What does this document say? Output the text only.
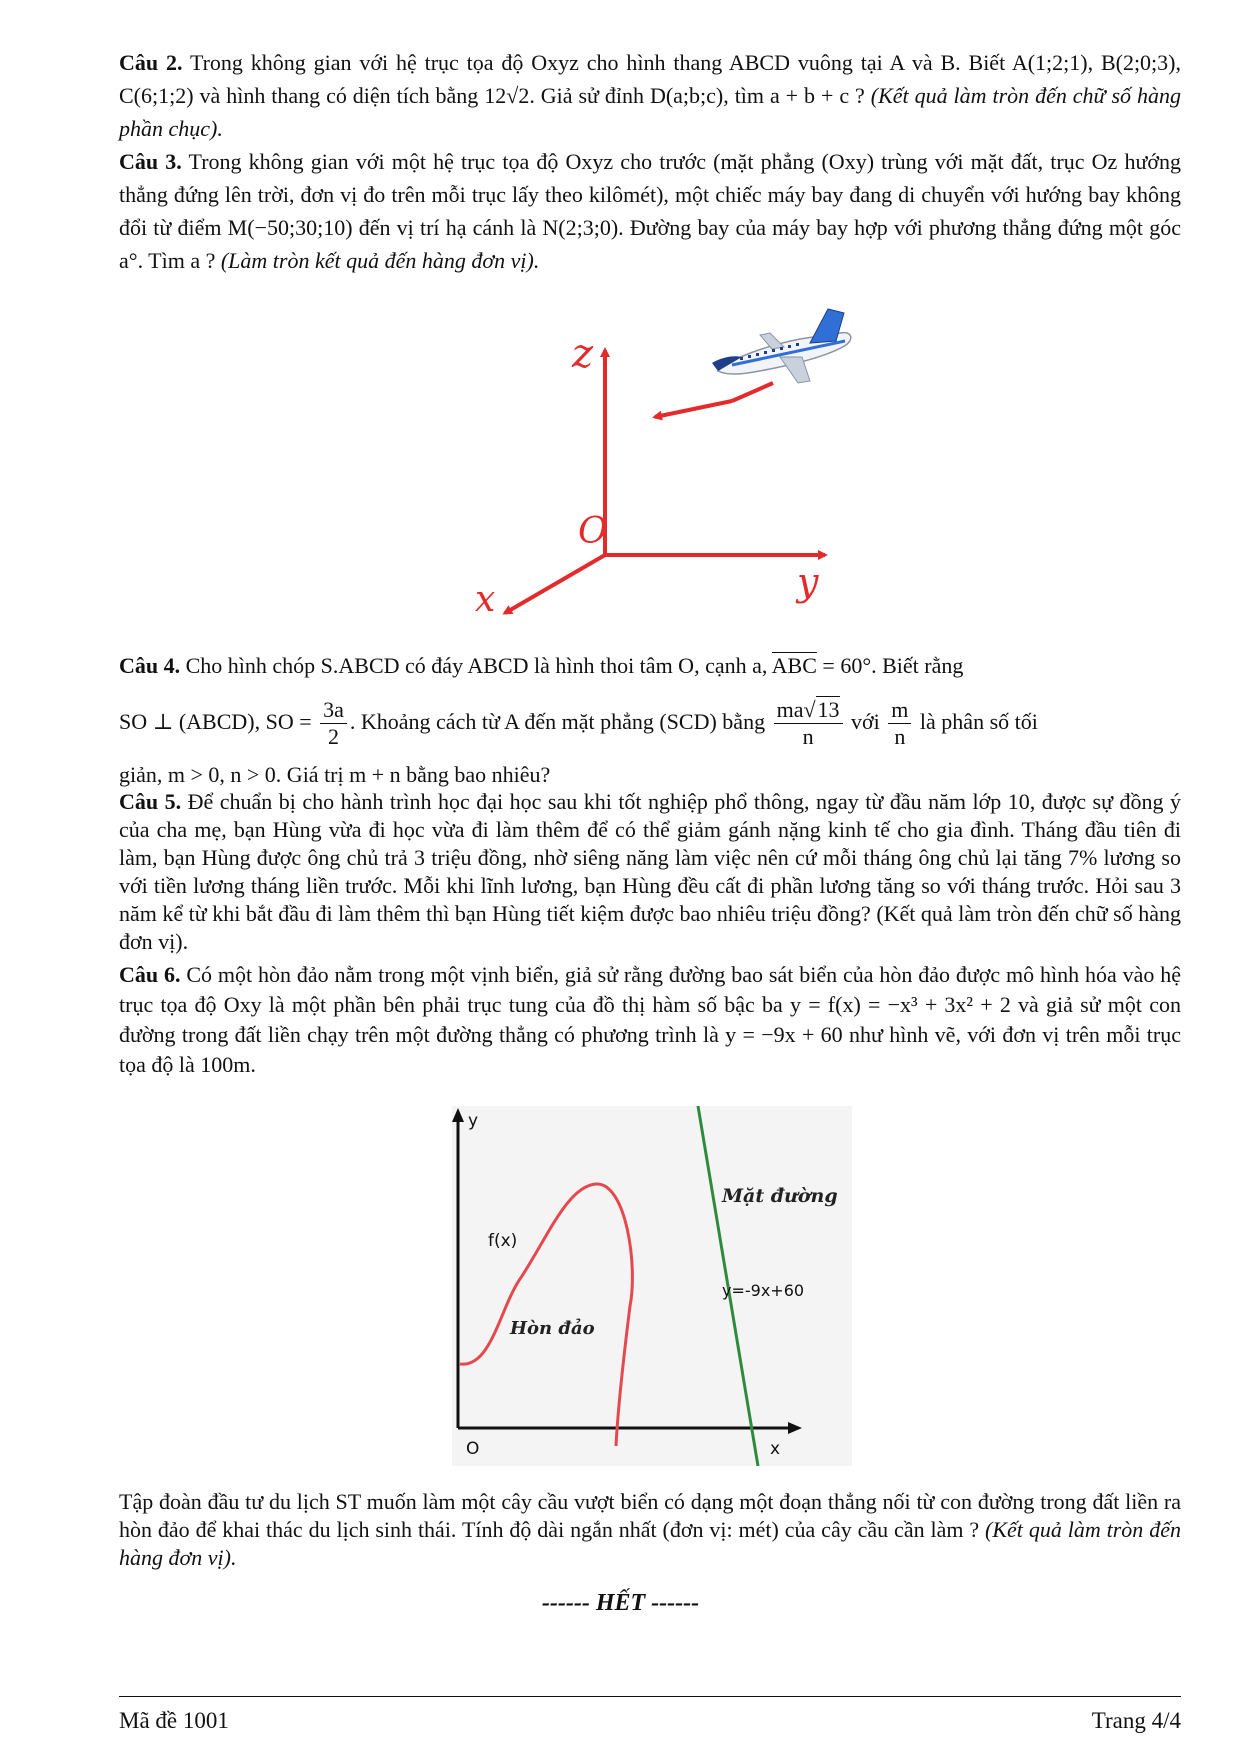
Câu 2. Trong không gian với hệ trục tọa độ Oxyz cho hình thang ABCD vuông tại A và B. Biết A(1;2;1), B(2;0;3), C(6;1;2) và hình thang có diện tích bằng 12√2. Giả sử đỉnh D(a;b;c), tìm a + b + c ? (Kết quả làm tròn đến chữ số hàng phần chục).
Câu 3. Trong không gian với một hệ trục tọa độ Oxyz cho trước (mặt phẳng (Oxy) trùng với mặt đất, trục Oz hướng thẳng đứng lên trời, đơn vị đo trên mỗi trục lấy theo kilômét), một chiếc máy bay đang di chuyển với hướng bay không đổi từ điểm M(−50;30;10) đến vị trí hạ cánh là N(2;3;0). Đường bay của máy bay hợp với phương thẳng đứng một góc a°. Tìm a ? (Làm tròn kết quả đến hàng đơn vị).
z
O
x	y
Câu 4. Cho hình chóp S.ABCD có đáy ABCD là hình thoi tâm O, cạnh a, ABC = 60°. Biết rằng
SO ⊥ (ABCD), SO = $\frac{3a}{2}$ . Khoảng cách từ A đến mặt phẳng (SCD) bằng $\frac{ma√13}{n}$ với $\frac{m}{n}$ là phân số tối
giản, m > 0, n > 0. Giá trị m + n bằng bao nhiêu?
Câu 5. Để chuẩn bị cho hành trình học đại học sau khi tốt nghiệp phổ thông, ngay từ đầu năm lớp 10, được sự đồng ý của cha mẹ, bạn Hùng vừa đi học vừa đi làm thêm để có thể giảm gánh nặng kinh tế cho gia đình. Tháng đầu tiên đi làm, bạn Hùng được ông chủ trả 3 triệu đồng, nhờ siêng năng làm việc nên cứ mỗi tháng ông chủ lại tăng 7% lương so với tiền lương tháng liền trước. Mỗi khi lĩnh lương, bạn Hùng đều cất đi phần lương tăng so với tháng trước. Hỏi sau 3 năm kể từ khi bắt đầu đi làm thêm thì bạn Hùng tiết kiệm được bao nhiêu triệu đồng? (Kết quả làm tròn đến chữ số hàng đơn vị).
Câu 6. Có một hòn đảo nằm trong một vịnh biển, giả sử rằng đường bao sát biển của hòn đảo được mô hình hóa vào hệ trục tọa độ Oxy là một phần bên phải trục tung của đồ thị hàm số bậc ba y = f(x) = −x³ + 3x² + 2 và giả sử một con đường trong đất liền chạy trên một đường thẳng có phương trình là y = −9x + 60 như hình vẽ, với đơn vị trên mỗi trục tọa độ là 100m.
y
x
O
f(x)
Hòn đảo
Mặt đường
y=-9x+60
Tập đoàn đầu tư du lịch ST muốn làm một cây cầu vượt biển có dạng một đoạn thẳng nối từ con đường trong đất liền ra hòn đảo để khai thác du lịch sinh thái. Tính độ dài ngắn nhất (đơn vị: mét) của cây cầu cần làm ? (Kết quả làm tròn đến hàng đơn vị).
------ HẾT ------
Mã đề 1001	Trang 4/4
